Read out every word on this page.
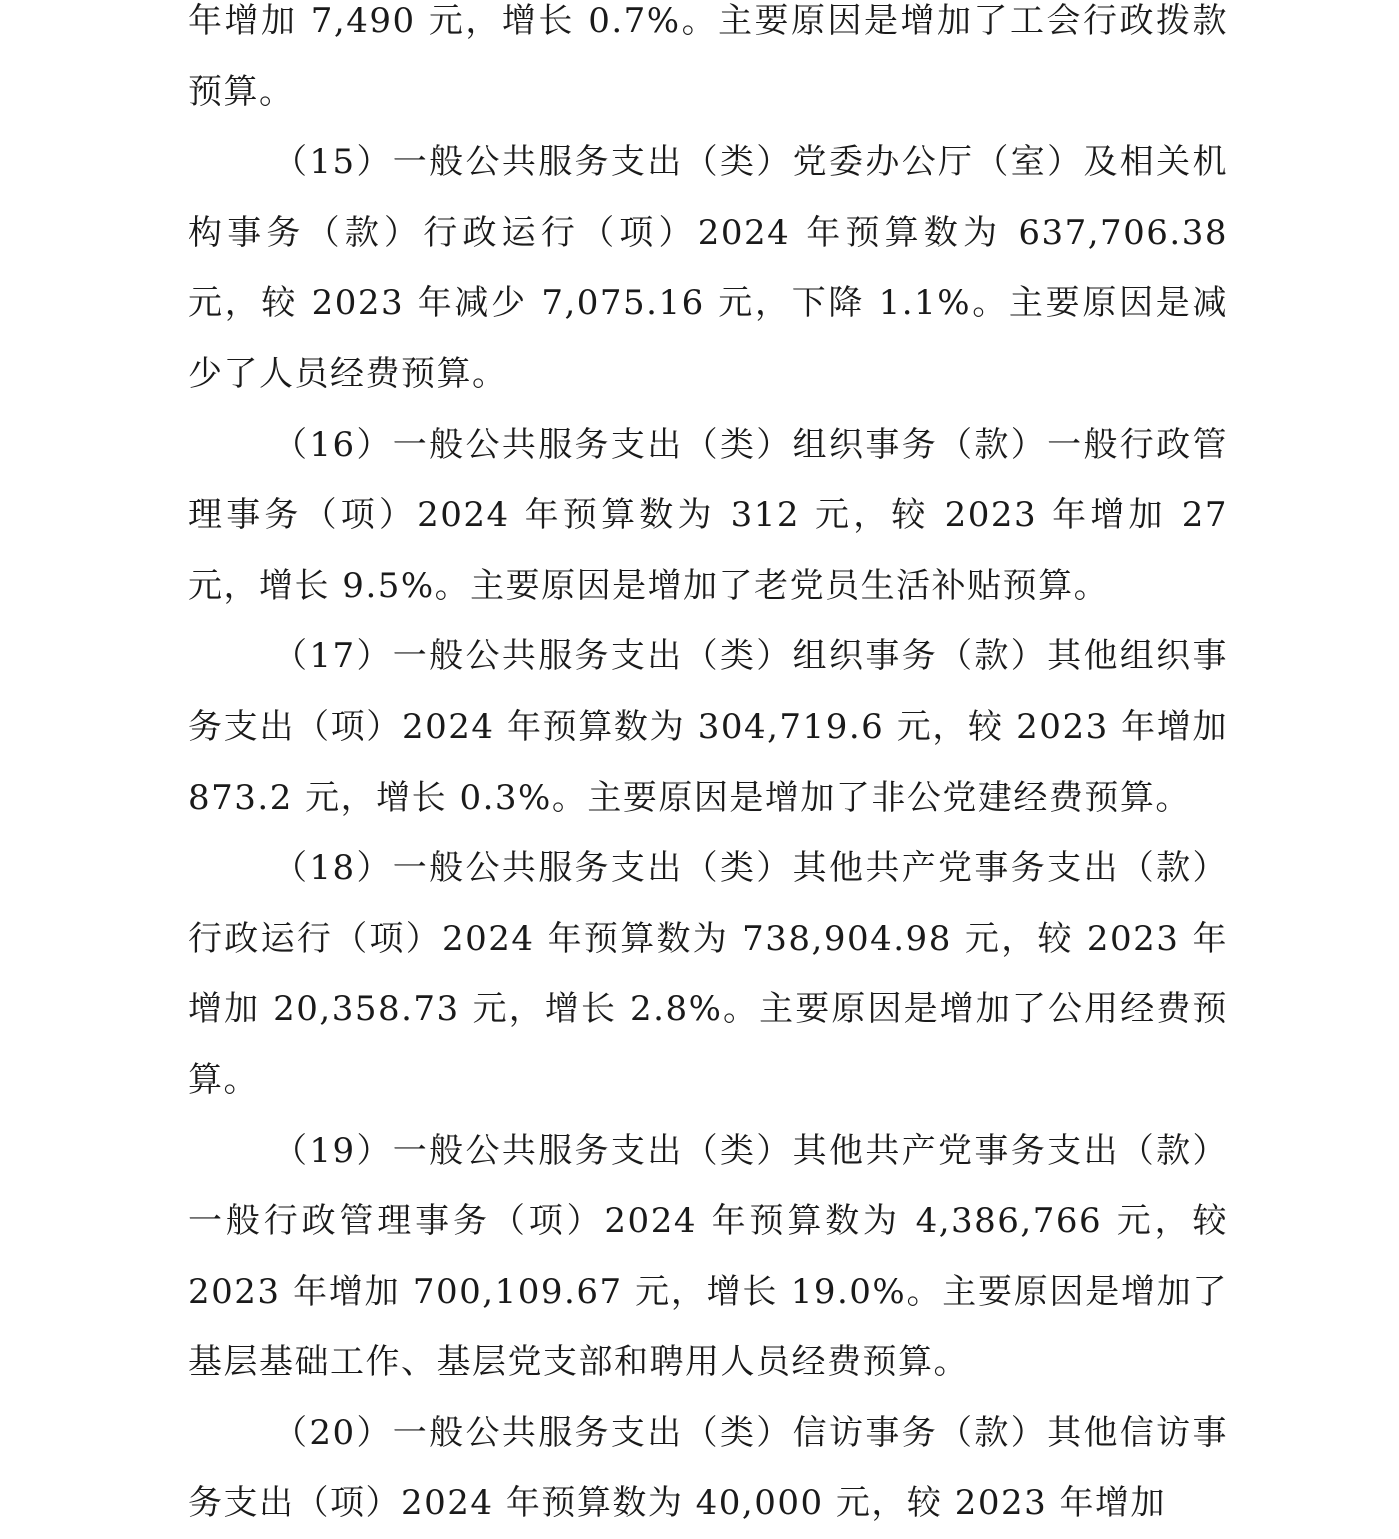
年增加 7,490 元，增长 0.7%。主要原因是增加了工会行政拨款预算。

（15）一般公共服务支出（类）党委办公厅（室）及相关机构事务（款）行政运行（项）2024 年预算数为 637,706.38 元，较 2023 年减少 7,075.16 元，下降 1.1%。主要原因是减少了人员经费预算。

（16）一般公共服务支出（类）组织事务（款）一般行政管理事务（项）2024 年预算数为 312 元，较 2023 年增加 27 元，增长 9.5%。主要原因是增加了老党员生活补贴预算。

（17）一般公共服务支出（类）组织事务（款）其他组织事务支出（项）2024 年预算数为 304,719.6 元，较 2023 年增加 873.2 元，增长 0.3%。主要原因是增加了非公党建经费预算。

（18）一般公共服务支出（类）其他共产党事务支出（款）行政运行（项）2024 年预算数为 738,904.98 元，较 2023 年增加 20,358.73 元，增长 2.8%。主要原因是增加了公用经费预算。

（19）一般公共服务支出（类）其他共产党事务支出（款）一般行政管理事务（项）2024 年预算数为 4,386,766 元，较 2023 年增加 700,109.67 元，增长 19.0%。主要原因是增加了基层基础工作、基层党支部和聘用人员经费预算。

（20）一般公共服务支出（类）信访事务（款）其他信访事务支出（项）2024 年预算数为 40,000 元，较 2023 年增加
